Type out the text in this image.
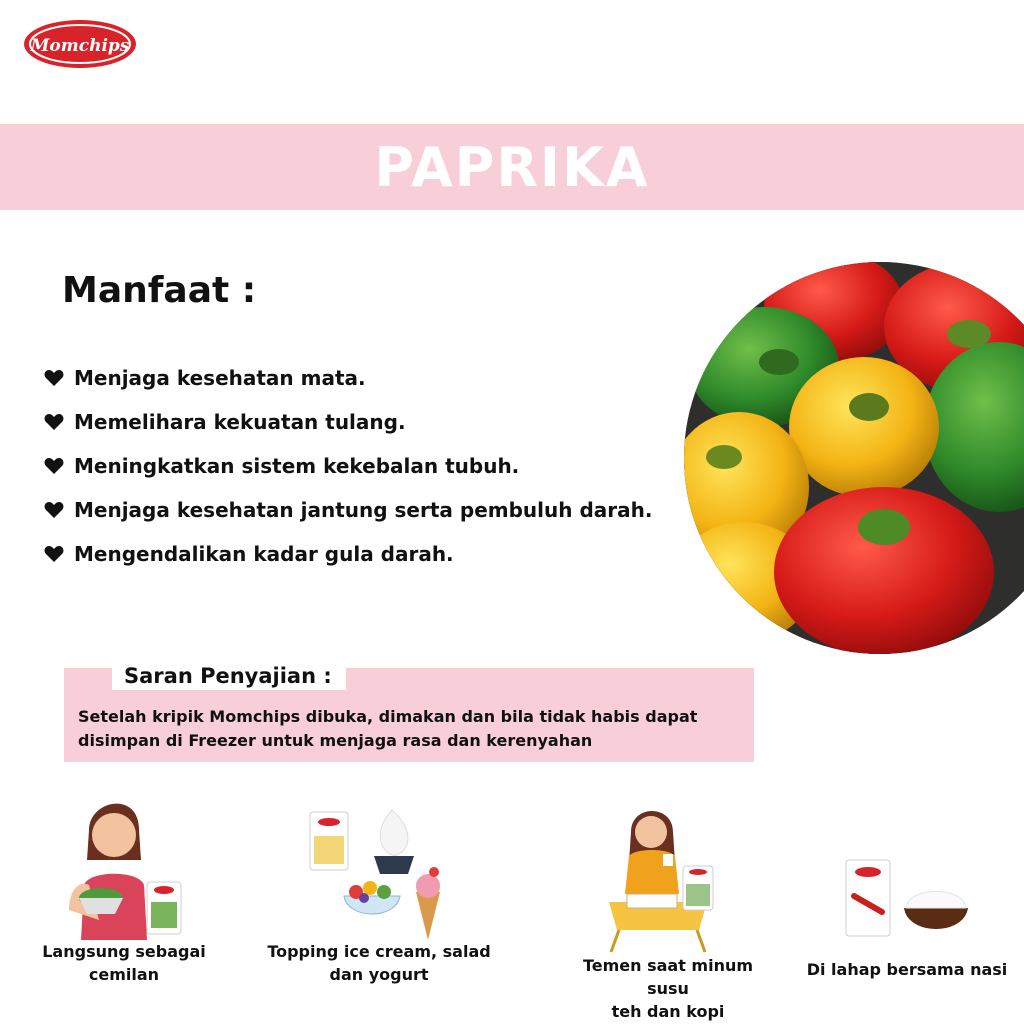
Momchips
PAPRIKA
Manfaat :
Menjaga kesehatan mata.
Memelihara kekuatan tulang.
Meningkatkan sistem kekebalan tubuh.
Menjaga kesehatan jantung serta pembuluh darah.
Mengendalikan kadar gula darah.
Saran Penyajian :
Setelah kripik Momchips dibuka, dimakan dan bila tidak habis dapat
disimpan di Freezer untuk menjaga rasa dan kerenyahan
Langsung sebagai
cemilan
Topping ice cream, salad
dan yogurt	Temen saat minum susu
teh dan kopi
Di lahap bersama nasi
